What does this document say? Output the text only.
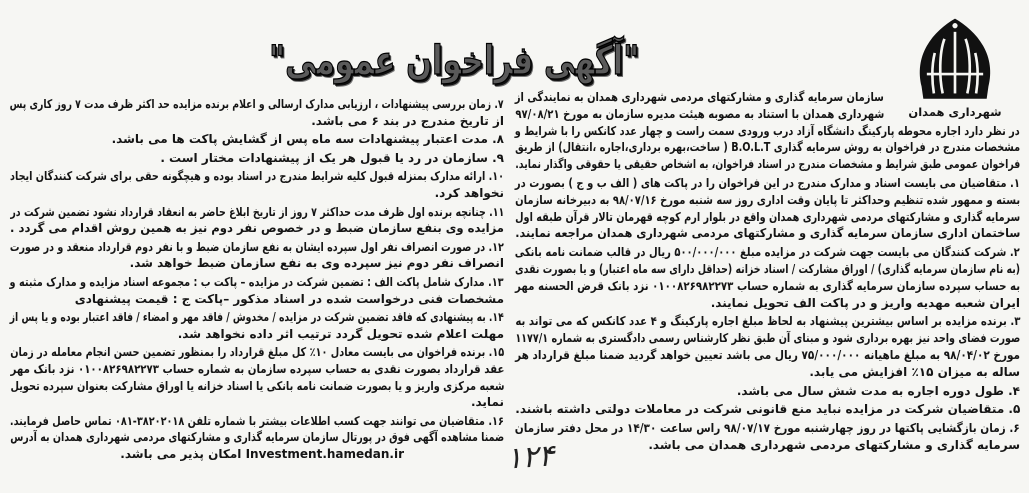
شهرداری همدان
"آگهی فراخوان عمومی"
سازمان سرمایه گذاری و مشارکتهای مردمی شهرداری همدان به نمایندگی از
شهرداری همدان با استناد به مصوبه هیئت مدیره سازمان به مورخ ۹۷/۰۸/۲۱
در نظر دارد اجاره محوطه پارکینگ دانشگاه آزاد درب ورودی سمت راست و چهار عدد کانکس را با شرایط و
مشخصات مندرج در فراخوان به روش سرمایه گذاری B.O.L.T ( ساخت،بهره برداری،اجاره ،انتقال) از طریق
فراخوان عمومی طبق شرایط و مشخصات مندرج در اسناد فراخوان، به اشخاص حقیقی یا حقوقی واگذار نماید.
۱. متقاضیان می بایست اسناد و مدارک مندرج در این فراخوان را در پاکت های ( الف ب و ج ) بصورت در
بسته و ممهور شده تنظیم وحداکثر تا پایان وقت اداری روز سه شنبه مورخ ۹۸/۰۷/۱۶ به دبیرخانه سازمان
سرمایه گذاری و مشارکتهای مردمی شهرداری همدان واقع در بلوار ارم کوچه قهرمان تالار قرآن طبقه اول
ساختمان اداری سازمان سرمایه گذاری و مشارکتهای مردمی شهرداری همدان مراجعه نمایند.
۲. شرکت کنندگان می بایست جهت شرکت در مزایده مبلغ ۵۰۰/۰۰۰/۰۰۰ ریال در قالب ضمانت نامه بانکی
(به نام سازمان سرمایه گذاری) / اوراق مشارکت / اسناد خزانه (حداقل دارای سه ماه اعتبار) و یا بصورت نقدی
به حساب سپرده سازمان سرمایه گذاری به شماره حساب ۰۱۰۰۸۲۶۹۸۲۲۷۳ نزد بانک قرض الحسنه مهر
ایران شعبه مهدیه واریز و در پاکت الف تحویل نمایند.
۳. برنده مزایده بر اساس بیشترین پیشنهاد به لحاظ مبلغ اجاره پارکینگ و ۴ عدد کانکس که می تواند به
صورت فضای واحد نیز بهره برداری شود و مبنای آن طبق نظر کارشناس رسمی دادگستری به شماره ۱۱۷۷/۱
مورخ ۹۸/۰۴/۰۲ به مبلغ ماهیانه ۷۵/۰۰۰/۰۰۰ ریال می باشد تعیین خواهد گردید ضمنا مبلغ قرارداد هر
ساله به میزان ۱۵٪ افزایش می یابد.
۴. طول دوره اجاره به مدت شش سال می باشد.
۵. متقاضیان شرکت در مزایده نباید منع قانونی شرکت در معاملات دولتی داشته باشند.
۶. زمان بازگشایی پاکتها در روز چهارشنبه مورخ ۹۸/۰۷/۱۷ راس ساعت ۱۴/۳۰ در محل دفتر سازمان
سرمایه گذاری و مشارکتهای مردمی شهرداری همدان می باشد.
۷. زمان بررسی پیشنهادات ، ارزیابی مدارک ارسالی و اعلام برنده مزایده حد اکثر ظرف مدت ۷ روز کاری پس
از تاریخ مندرج در بند ۶ می باشد.
۸. مدت اعتبار پیشنهادات سه ماه پس از گشایش پاکت ها می باشد.
۹. سازمان در رد یا قبول هر یک از پیشنهادات مختار است .
۱۰. ارائه مدارک بمنزله قبول کلیه شرایط مندرج در اسناد بوده و هیچگونه حقی برای شرکت کنندگان ایجاد
نخواهد کرد.
۱۱. چنانچه برنده اول ظرف مدت حداکثر ۷ روز از تاریخ ابلاغ حاضر به انعقاد قرارداد نشود تضمین شرکت در
مزایده وی بنفع سازمان ضبط و در خصوص نفر دوم نیز به همین روش اقدام می گردد .
۱۲. در صورت انصراف نفر اول سپرده ایشان به نفع سازمان ضبط و با نفر دوم قرارداد منعقد و در صورت
انصراف نفر دوم نیز سپرده وی به نفع سازمان ضبط خواهد شد.
۱۳. مدارک شامل پاکت الف : تضمین شرکت در مزایده – پاکت ب : مجموعه اسناد مزایده و مدارک مثبته و
مشخصات فنی درخواست شده در اسناد مذکور –پاکت ج : قیمت پیشنهادی
۱۴. به پیشنهادی که فاقد تضمین شرکت در مزایده / مخدوش / فاقد مهر و امضاء / فاقد اعتبار بوده و یا پس از
مهلت اعلام شده تحویل گردد ترتیب اثر داده نخواهد شد.
۱۵. برنده فراخوان می بایست معادل ۱۰٪ کل مبلغ قرارداد را بمنظور تضمین حسن انجام معامله در زمان
عقد قرارداد بصورت نقدی به حساب سپرده سازمان به شماره حساب ۰۱۰۰۸۲۶۹۸۲۲۷۳ نزد بانک مهر
شعبه مرکزی واریز و یا بصورت ضمانت نامه بانکی یا اسناد خزانه یا اوراق مشارکت بعنوان سپرده تحویل
نماید.
۱۶. متقاضیان می توانند جهت کسب اطلاعات بیشتر با شماره تلفن ۳۸۲۰۲۰۱۸-۰۸۱ تماس حاصل فرمایند.
ضمنا مشاهده آگهی فوق در پورتال سازمان سرمایه گذاری و مشارکتهای مردمی شهرداری همدان به آدرس
Investment.hamedan.ir امکان پذیر می باشد.	۱۲۴
